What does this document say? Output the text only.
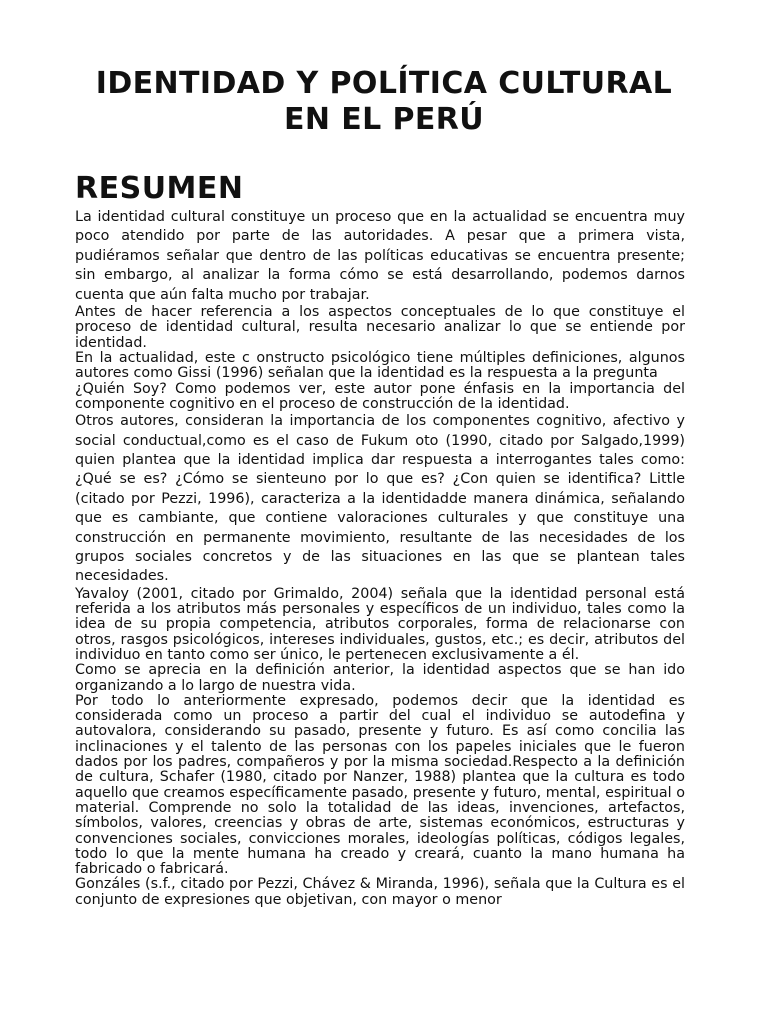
IDENTIDAD Y POLÍTICA CULTURAL
EN EL PERÚ
RESUMEN

La identidad cultural constituye un proceso que en la actualidad se encuentra muy poco atendido por parte de las autoridades. A pesar que a primera vista, pudiéramos señalar que dentro de las políticas educativas se encuentra presente; sin embargo, al analizar la forma cómo se está desarrollando, podemos darnos cuenta que aún falta mucho por trabajar.

Antes de hacer referencia a los aspectos conceptuales de lo que constituye el proceso de identidad cultural, resulta necesario analizar lo que se entiende por identidad.

En la actualidad, este c onstructo psicológico tiene múltiples definiciones, algunos autores como Gissi (1996) señalan que la identidad es la respuesta a la pregunta

¿Quién Soy? Como podemos ver, este autor pone énfasis en la importancia del componente cognitivo en el proceso de construcción de la identidad.

Otros autores, consideran la importancia de los componentes cognitivo, afectivo y social conductual,como es el caso de Fukum oto (1990, citado por Salgado,1999) quien plantea que la identidad implica dar respuesta a interrogantes tales como: ¿Qué se es? ¿Cómo se sienteuno por lo que es? ¿Con quien se identifica? Little (citado por Pezzi, 1996), caracteriza a la identidadde manera dinámica, señalando que es cambiante, que contiene valoraciones culturales y que constituye una construcción en permanente movimiento, resultante de las necesidades de los grupos sociales concretos y de las situaciones en las que se plantean tales necesidades.

Yavaloy (2001, citado por Grimaldo, 2004) señala que la identidad personal está referida a los atributos más personales y específicos de un individuo, tales como la idea de su propia competencia, atributos corporales, forma de relacionarse con otros, rasgos psicológicos, intereses individuales, gustos, etc.; es decir, atributos del individuo en tanto como ser único, le pertenecen exclusivamente a él.

Como se aprecia en la definición anterior, la identidad aspectos que se han ido organizando a lo largo de nuestra vida.

Por todo lo anteriormente expresado, podemos decir que la identidad es considerada como un proceso a partir del cual el individuo se autodefina y autovalora, considerando su pasado, presente y futuro. Es así como concilia las inclinaciones y el talento de las personas con los papeles iniciales que le fueron dados por los padres, compañeros y por la misma sociedad.Respecto a la definición de cultura, Schafer (1980, citado por Nanzer, 1988) plantea que la cultura es todo aquello que creamos específicamente pasado, presente y futuro, mental, espiritual o material. Comprende no solo la totalidad de las ideas, invenciones, artefactos, símbolos, valores, creencias y obras de arte, sistemas económicos, estructuras y convenciones sociales, convicciones morales, ideologías políticas, códigos legales, todo lo que la mente humana ha creado y creará, cuanto la mano humana ha fabricado o fabricará.

Gonzáles (s.f., citado por Pezzi, Chávez & Miranda, 1996), señala que la Cultura es el conjunto de expresiones que objetivan, con mayor o menor
